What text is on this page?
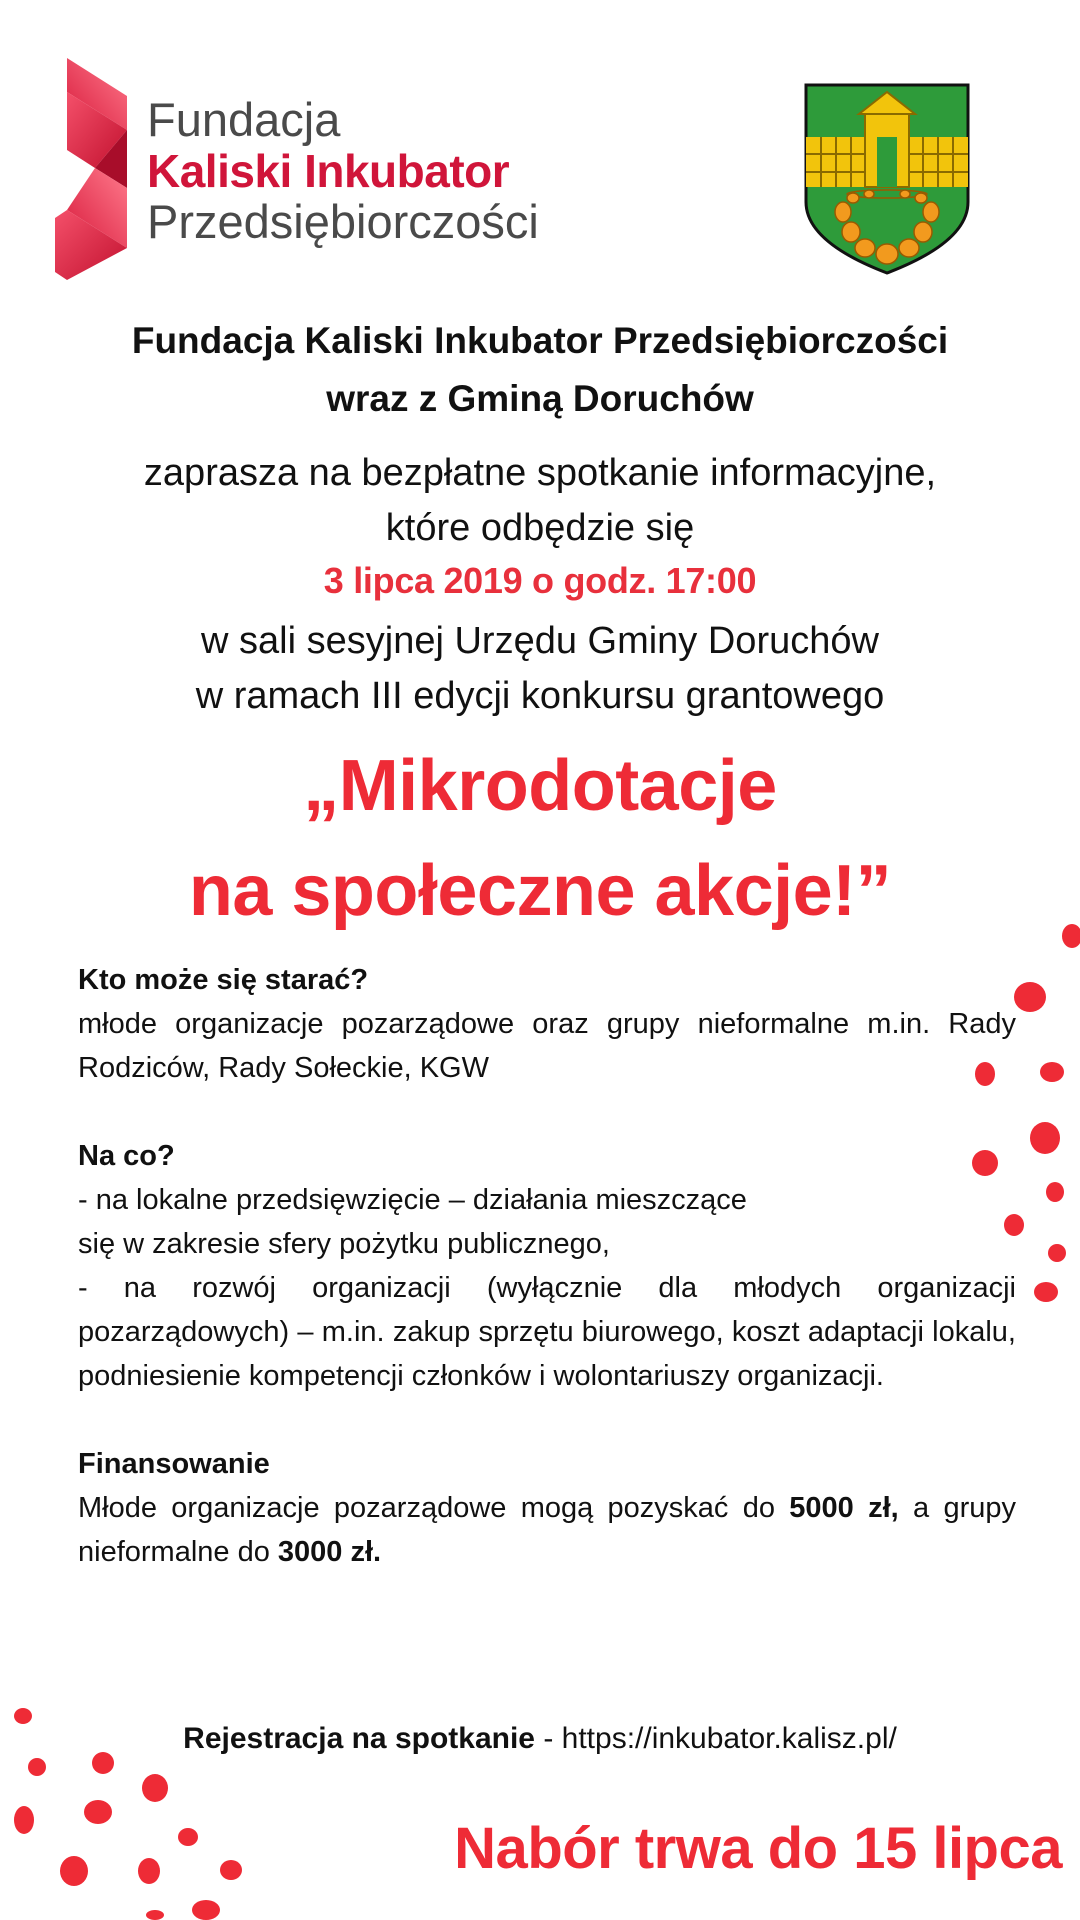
Fundacja
Kaliski Inkubator
Przedsiębiorczości
Fundacja Kaliski Inkubator Przedsiębiorczości
wraz z Gminą Doruchów
zaprasza na bezpłatne spotkanie informacyjne,
które odbędzie się
3 lipca 2019 o godz. 17:00
w sali sesyjnej Urzędu Gminy Doruchów
w ramach III edycji konkursu grantowego
„Mikrodotacje
na społeczne akcje!”

Kto może się starać?

młode organizacje pozarządowe oraz grupy nieformalne m.in. Rady Rodziców, Rady Sołeckie, KGW

Na co?

- na lokalne przedsięwzięcie – działania mieszczące

się w zakresie sfery pożytku publicznego,

- na rozwój organizacji (wyłącznie dla młodych organizacji pozarządowych) – m.in. zakup sprzętu biurowego, koszt adaptacji lokalu, podniesienie kompetencji członków i wolontariuszy organizacji.

Finansowanie

Młode organizacje pozarządowe mogą pozyskać do 5000 zł, a grupy nieformalne do 3000 zł.

Rejestracja na spotkanie - https://inkubator.kalisz.pl/
Nabór trwa do 15 lipca
